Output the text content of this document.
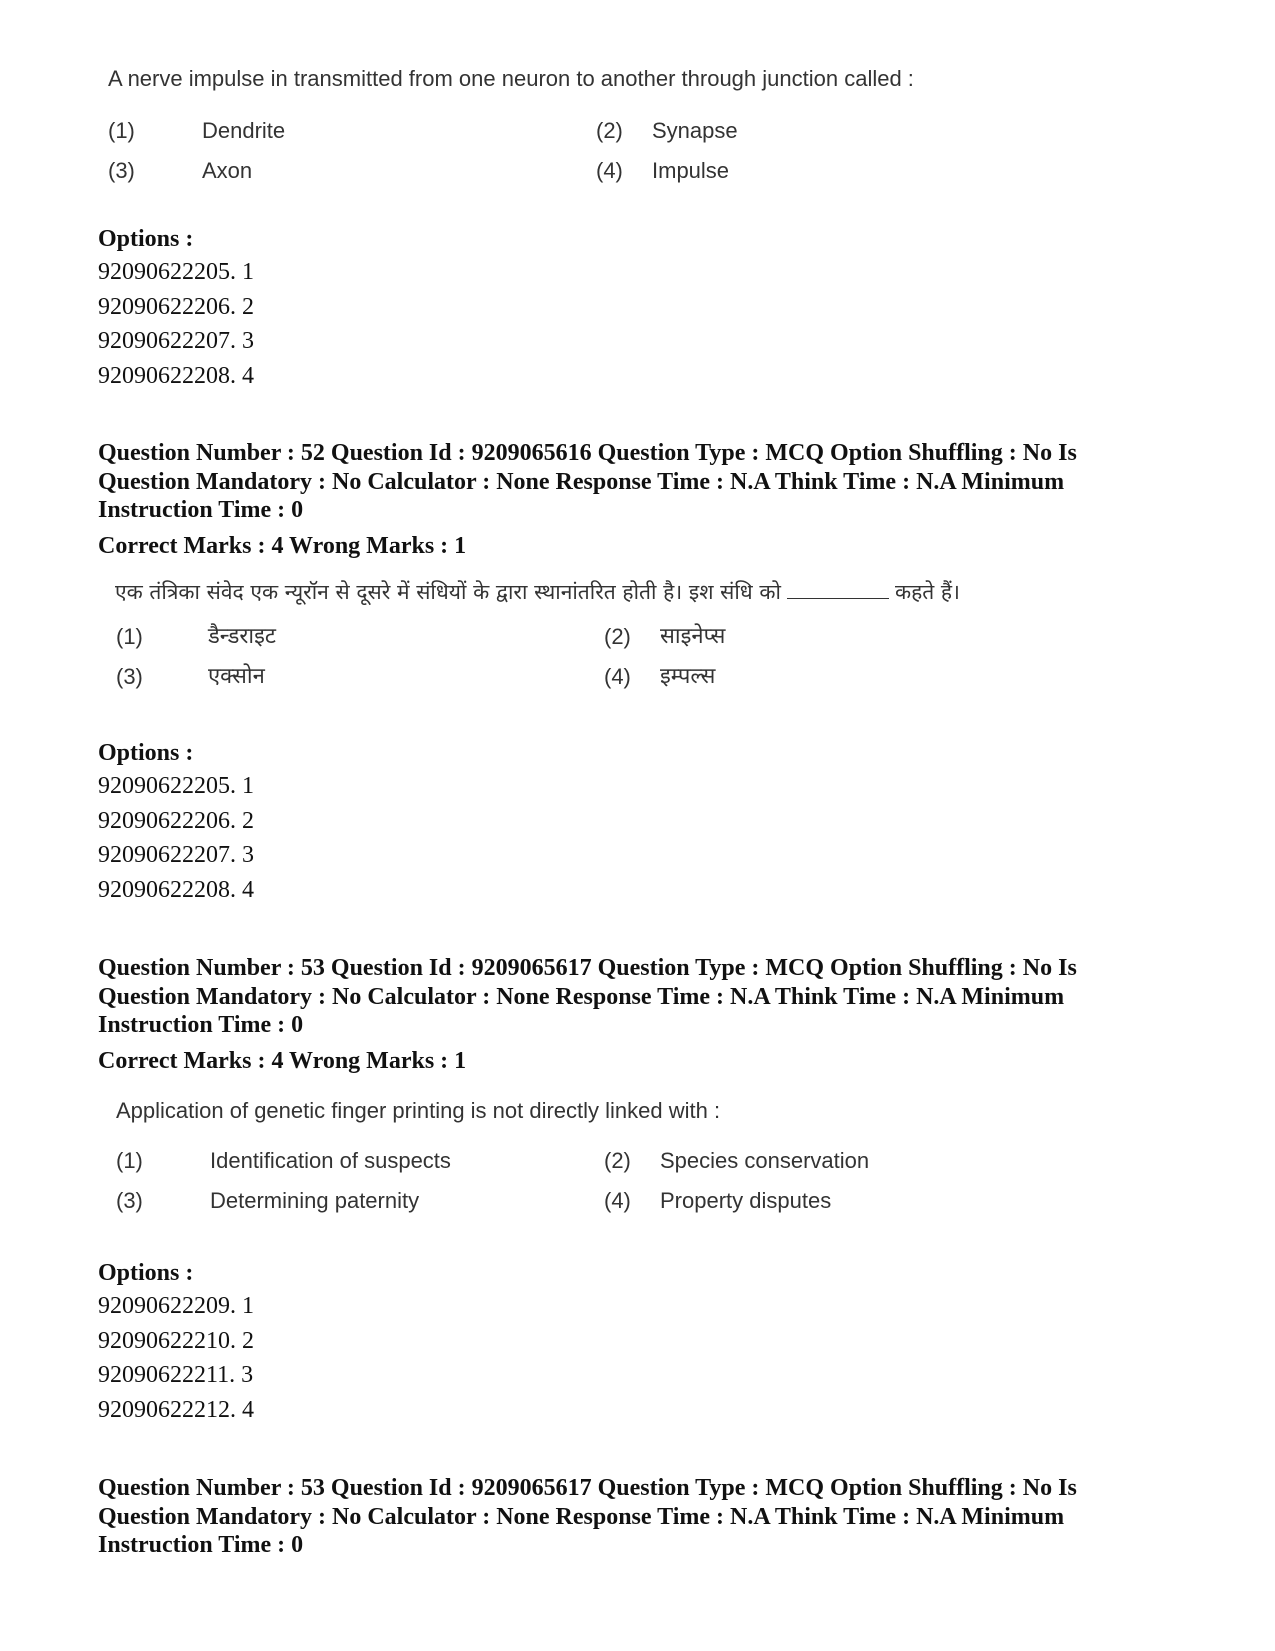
A nerve impulse in transmitted from one neuron to another through junction called :
(1)	Dendrite	(2) Synapse
(3)	Axon	(4) Impulse
Options :
92090622205. 1
92090622206. 2
92090622207. 3
92090622208. 4
Question Number : 52 Question Id : 9209065616 Question Type : MCQ Option Shuffling : No Is
Question Mandatory : No Calculator : None Response Time : N.A Think Time : N.A Minimum
Instruction Time : 0
Correct Marks : 4 Wrong Marks : 1
एक तंत्रिका संवेद एक न्यूरॉन से दूसरे में संधियों के द्वारा स्थानांतरित होती है। इश संधि को	कहते हैं।
(1)	डैन्डराइट	(2) साइनेप्स
(3)	एक्सोन	(4) इम्पल्स
Options :
92090622205. 1
92090622206. 2
92090622207. 3
92090622208. 4
Question Number : 53 Question Id : 9209065617 Question Type : MCQ Option Shuffling : No Is
Question Mandatory : No Calculator : None Response Time : N.A Think Time : N.A Minimum
Instruction Time : 0
Correct Marks : 4 Wrong Marks : 1
Application of genetic finger printing is not directly linked with :
(1)	Identification of suspects	(2) Species conservation
(3)	Determining paternity	(4) Property disputes
Options :
92090622209. 1
92090622210. 2
92090622211. 3
92090622212. 4
Question Number : 53 Question Id : 9209065617 Question Type : MCQ Option Shuffling : No Is
Question Mandatory : No Calculator : None Response Time : N.A Think Time : N.A Minimum
Instruction Time : 0
